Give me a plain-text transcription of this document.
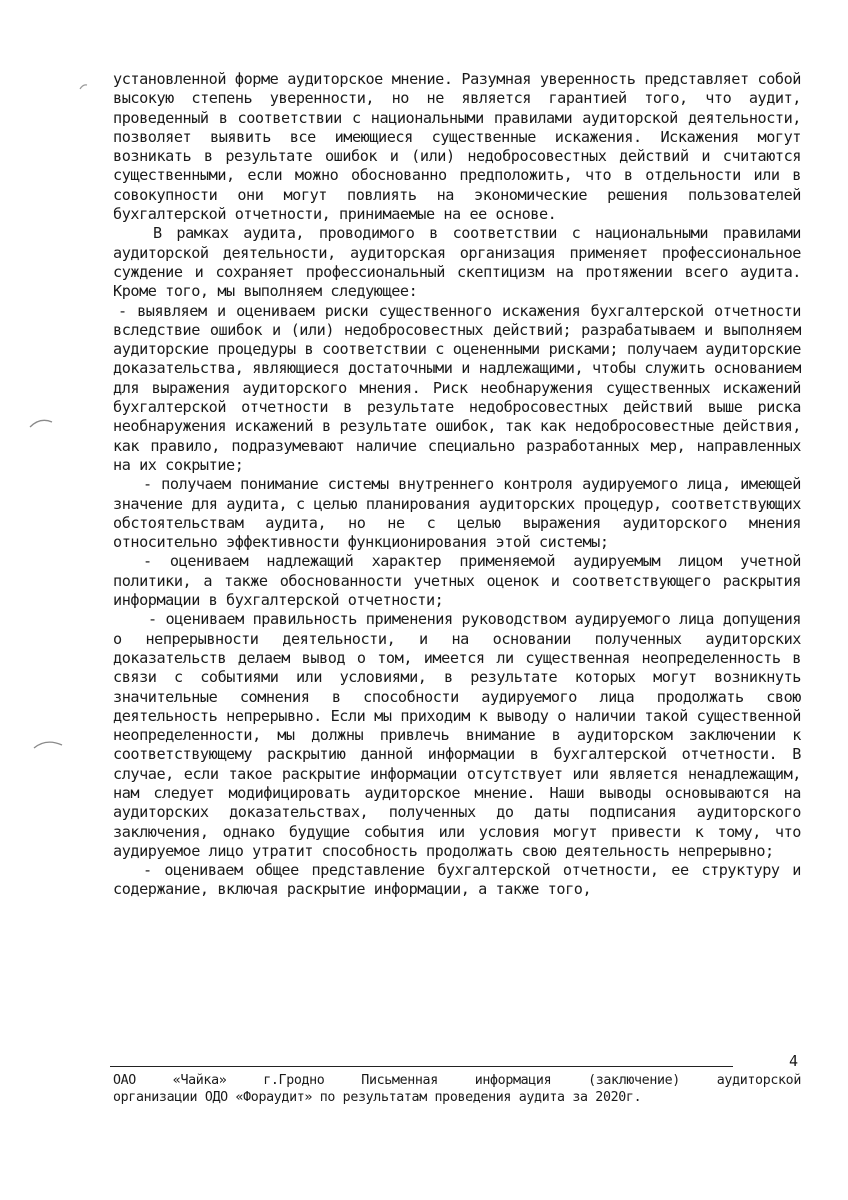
установленной форме аудиторское мнение. Разумная уверенность представляет собой высокую степень уверенности, но не является гарантией того, что аудит, проведенный в соответствии с национальными правилами аудиторской деятельности, позволяет выявить все имеющиеся существенные искажения. Искажения могут возникать в результате ошибок и (или) недобросовестных действий и считаются существенными, если можно обоснованно предположить, что в отдельности или в совокупности они могут повлиять на экономические решения пользователей бухгалтерской отчетности, принимаемые на ее основе.

В рамках аудита, проводимого в соответствии с национальными правилами аудиторской деятельности, аудиторская организация применяет профессиональное суждение и сохраняет профессиональный скептицизм на протяжении всего аудита. Кроме того, мы выполняем следующее:

- выявляем и оцениваем риски существенного искажения бухгалтерской отчетности вследствие ошибок и (или) недобросовестных действий; разрабатываем и выполняем аудиторские процедуры в соответствии с оцененными рисками; получаем аудиторские доказательства, являющиеся достаточными и надлежащими, чтобы служить основанием для выражения аудиторского мнения. Риск необнаружения существенных искажений бухгалтерской отчетности в результате недобросовестных действий выше риска необнаружения искажений в результате ошибок, так как недобросовестные действия, как правило, подразумевают наличие специально разработанных мер, направленных на их сокрытие;

- получаем понимание системы внутреннего контроля аудируемого лица, имеющей значение для аудита, с целью планирования аудиторских процедур, соответствующих обстоятельствам аудита, но не с целью выражения аудиторского мнения относительно эффективности функционирования этой системы;

- оцениваем надлежащий характер применяемой аудируемым лицом учетной политики, а также обоснованности учетных оценок и соответствующего раскрытия информации в бухгалтерской отчетности;

- оцениваем правильность применения руководством аудируемого лица допущения о непрерывности деятельности, и на основании полученных аудиторских доказательств делаем вывод о том, имеется ли существенная неопределенность в связи с событиями или условиями, в результате которых могут возникнуть значительные сомнения в способности аудируемого лица продолжать свою деятельность непрерывно. Если мы приходим к выводу о наличии такой существенной неопределенности, мы должны привлечь внимание в аудиторском заключении к соответствующему раскрытию данной информации в бухгалтерской отчетности. В случае, если такое раскрытие информации отсутствует или является ненадлежащим, нам следует модифицировать аудиторское мнение. Наши выводы основываются на аудиторских доказательствах, полученных до даты подписания аудиторского заключения, однако будущие события или условия могут привести к тому, что аудируемое лицо утратит способность продолжать свою деятельность непрерывно;

- оцениваем общее представление бухгалтерской отчетности, ее структуру и содержание, включая раскрытие информации, а также того,

4

ОАО «Чайка» г.Гродно Письменная информация (заключение) аудиторской

организации ОДО «Фораудит» по результатам проведения аудита за 2020г.
